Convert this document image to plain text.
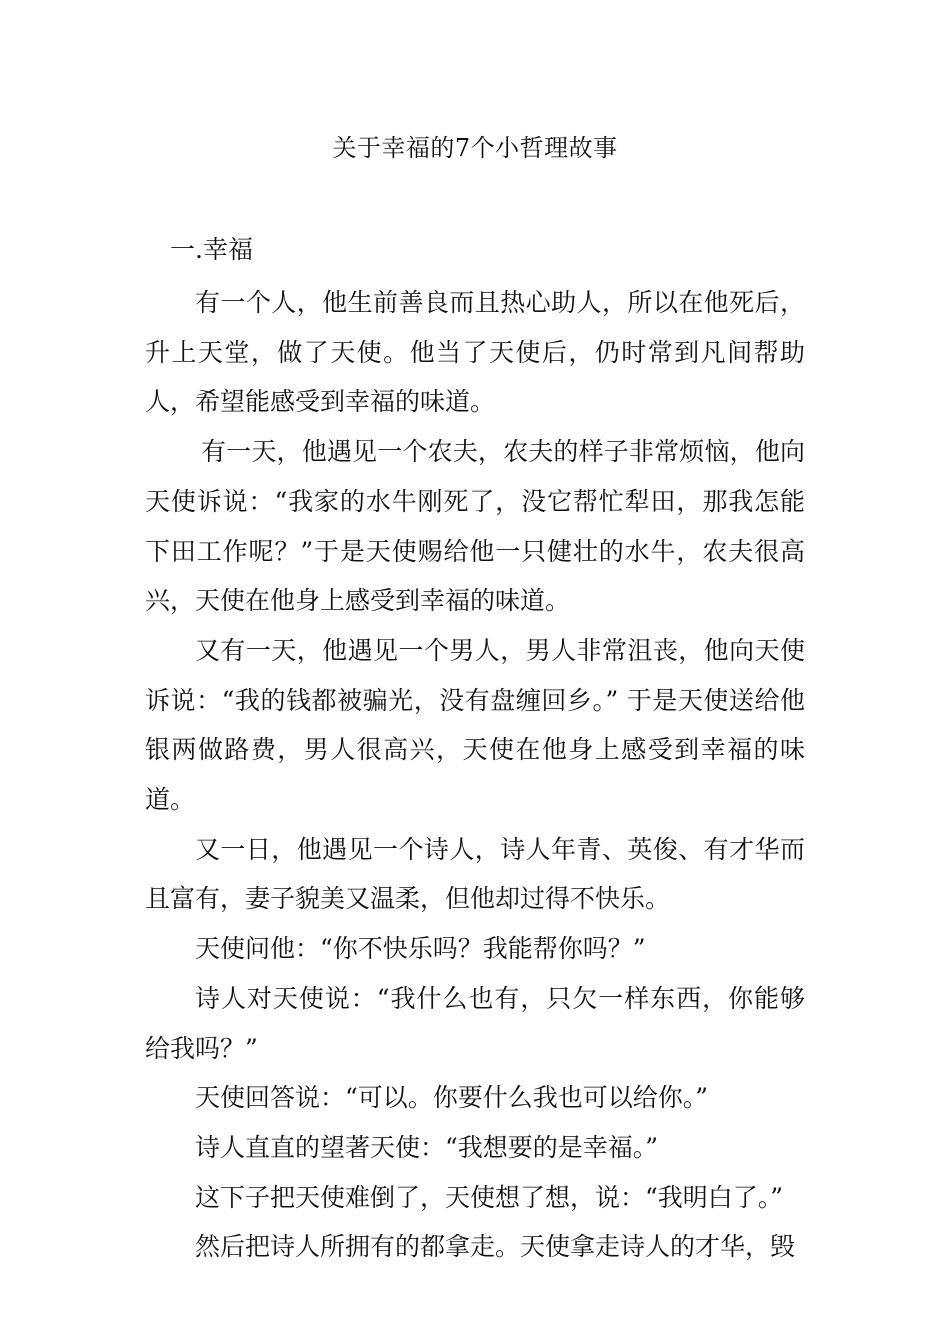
关于幸福的7个小哲理故事
一.幸福

有一个人，他生前善良而且热心助人，所以在他死后，升上天堂，做了天使。他当了天使后，仍时常到凡间帮助人，希望能感受到幸福的味道。

有一天，他遇见一个农夫，农夫的样子非常烦恼，他向天使诉说：“我家的水牛刚死了，没它帮忙犁田，那我怎能下田工作呢？”于是天使赐给他一只健壮的水牛，农夫很高兴，天使在他身上感受到幸福的味道。

又有一天，他遇见一个男人，男人非常沮丧，他向天使诉说：“我的钱都被骗光，没有盘缠回乡。” 于是天使送给他银两做路费，男人很高兴，天使在他身上感受到幸福的味道。

又一日，他遇见一个诗人，诗人年青、英俊、有才华而且富有，妻子貌美又温柔，但他却过得不快乐。

天使问他：“你不快乐吗？我能帮你吗？”

诗人对天使说：“我什么也有，只欠一样东西，你能够给我吗？”

天使回答说：“可以。你要什么我也可以给你。”

诗人直直的望著天使：“我想要的是幸福。”

这下子把天使难倒了，天使想了想，说：“我明白了。”

然后把诗人所拥有的都拿走。天使拿走诗人的才华，毁
